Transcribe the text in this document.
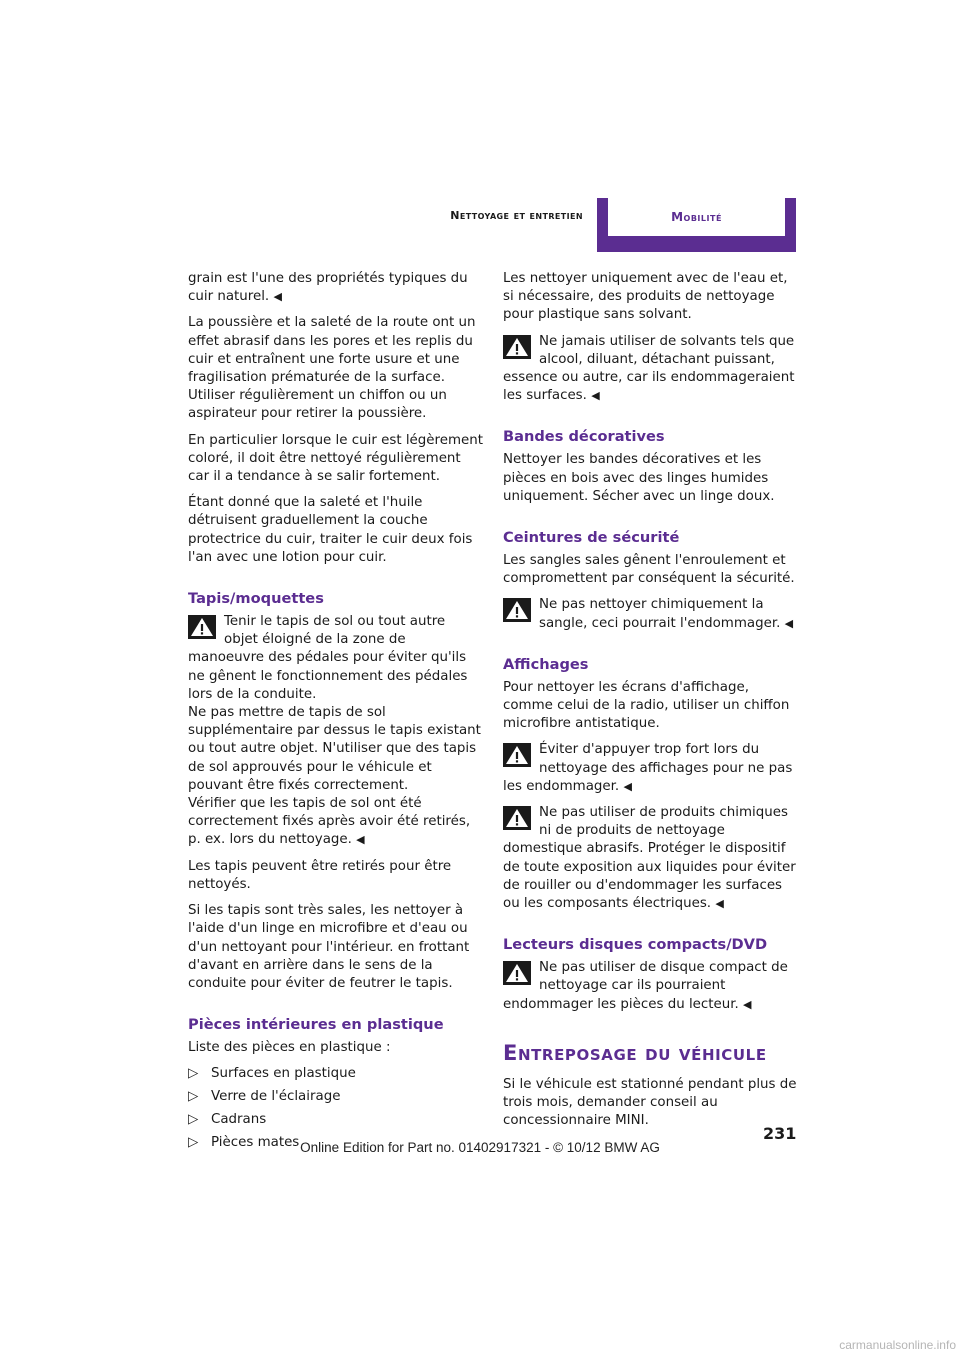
Nettoyage et entretien	Mobilité

grain est l'une des propriétés typiques du cuir naturel. ◀

La poussière et la saleté de la route ont un effet abrasif dans les pores et les replis du cuir et entraînent une forte usure et une fragilisation prématurée de la surface. Utiliser régulièrement un chiffon ou un aspirateur pour retirer la poussière.

En particulier lorsque le cuir est légèrement coloré, il doit être nettoyé régulièrement car il a tendance à se salir fortement.

Étant donné que la saleté et l'huile détruisent graduellement la couche protectrice du cuir, traiter le cuir deux fois l'an avec une lotion pour cuir.

Tapis/moquettes
Tenir le tapis de sol ou tout autre objet éloigné de la zone de manoeuvre des pédales pour éviter qu'ils ne gênent le fonctionnement des pédales lors de la conduite.
Ne pas mettre de tapis de sol supplémentaire par dessus le tapis existant ou tout autre objet. N'utiliser que des tapis de sol approuvés pour le véhicule et pouvant être fixés correctement.
Vérifier que les tapis de sol ont été correctement fixés après avoir été retirés, p. ex. lors du nettoyage. ◀

Les tapis peuvent être retirés pour être nettoyés.

Si les tapis sont très sales, les nettoyer à l'aide d'un linge en microfibre et d'eau ou d'un nettoyant pour l'intérieur. en frottant d'avant en arrière dans le sens de la conduite pour éviter de feutrer le tapis.

Pièces intérieures en plastique

Liste des pièces en plastique :

▷ Surfaces en plastique
▷ Verre de l'éclairage
▷ Cadrans
▷ Pièces mates

Les nettoyer uniquement avec de l'eau et, si nécessaire, des produits de nettoyage pour plastique sans solvant.

Ne jamais utiliser de solvants tels que alcool, diluant, détachant puissant, essence ou autre, car ils endommageraient les surfaces. ◀
Bandes décoratives

Nettoyer les bandes décoratives et les pièces en bois avec des linges humides uniquement. Sécher avec un linge doux.

Ceintures de sécurité

Les sangles sales gênent l'enroulement et compromettent par conséquent la sécurité.

Ne pas nettoyer chimiquement la sangle, ceci pourrait l'endommager. ◀
Affichages

Pour nettoyer les écrans d'affichage, comme celui de la radio, utiliser un chiffon microfibre antistatique.

Éviter d'appuyer trop fort lors du nettoyage des affichages pour ne pas les endommager. ◀
Ne pas utiliser de produits chimiques ni de produits de nettoyage domestique abrasifs. Protéger le dispositif de toute exposition aux liquides pour éviter de rouiller ou d'endommager les surfaces ou les composants électriques. ◀
Lecteurs disques compacts/DVD
Ne pas utiliser de disque compact de nettoyage car ils pourraient endommager les pièces du lecteur. ◀
Entreposage du véhicule

Si le véhicule est stationné pendant plus de trois mois, demander conseil au concessionnaire MINI.

231
Online Edition for Part no. 01402917321 - © 10/12 BMW AG
carmanualsonline.info
